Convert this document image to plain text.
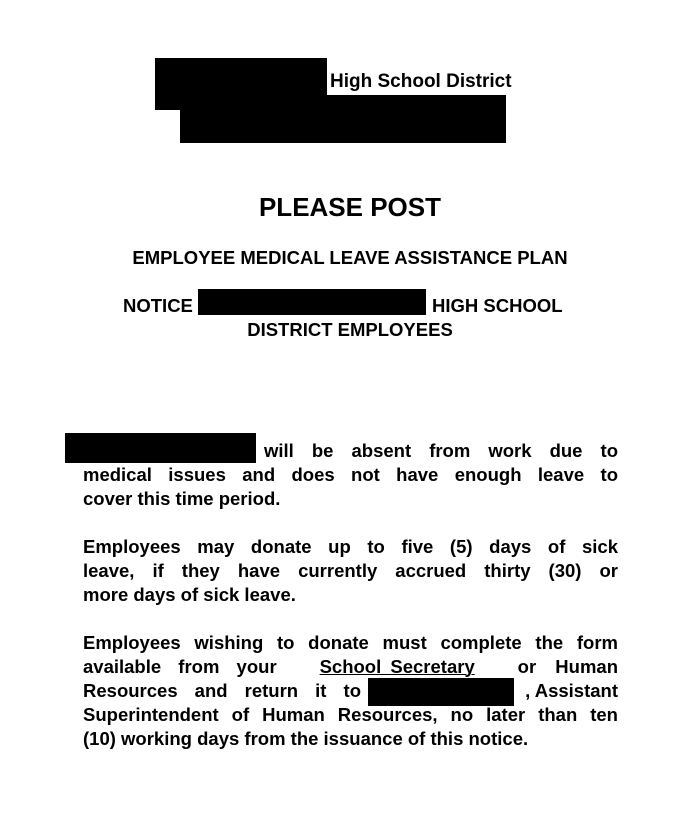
High School District
PLEASE POST
EMPLOYEE MEDICAL LEAVE ASSISTANCE PLAN
NOTICE	HIGH SCHOOL
DISTRICT EMPLOYEES
will be absent from work due to
medical issues and does not have enough leave to
cover this time period.
Employees may donate up to five (5) days of sick
leave, if they have currently accrued thirty (30) or
more days of sick leave.
Employees wishing to donate must complete the form
available from your School Secretary or Human
Resources and return it to	, Assistant
Superintendent of Human Resources, no later than ten
(10) working days from the issuance of this notice.
